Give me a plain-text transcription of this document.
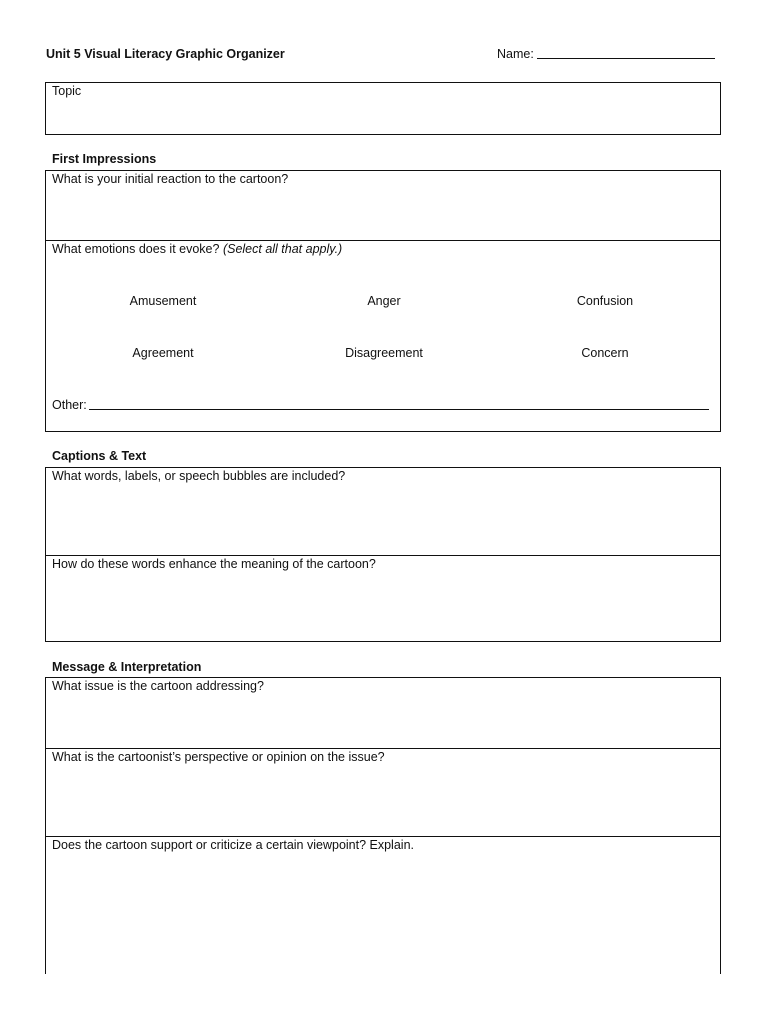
Unit 5 Visual Literacy Graphic Organizer	Name:
Topic
First Impressions
What is your initial reaction to the cartoon?
What emotions does it evoke? (Select all that apply.)
Amusement	Anger	Confusion
Agreement	Disagreement	Concern
Other:
Captions & Text
What words, labels, or speech bubbles are included?
How do these words enhance the meaning of the cartoon?
Message & Interpretation
What issue is the cartoon addressing?
What is the cartoonist’s perspective or opinion on the issue?
Does the cartoon support or criticize a certain viewpoint? Explain.
